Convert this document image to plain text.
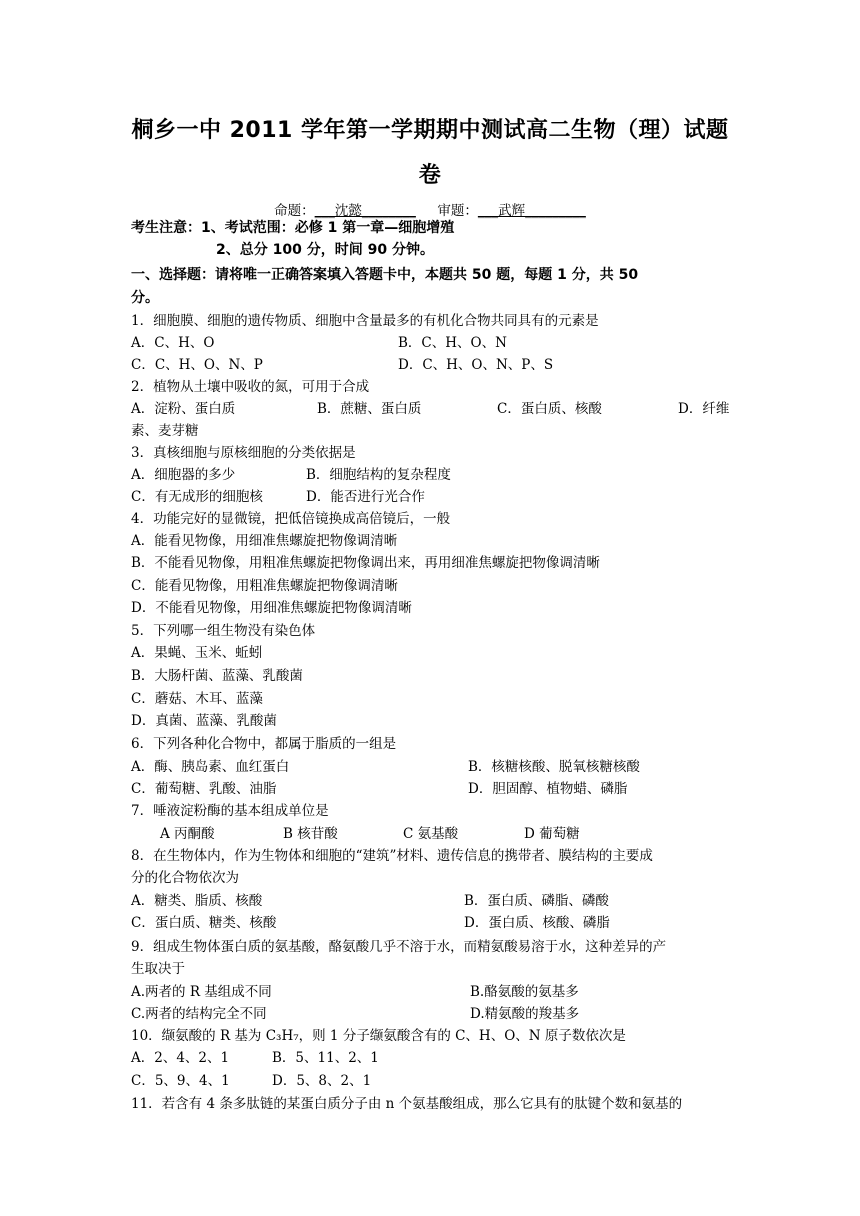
桐乡一中 2011 学年第一学期期中测试高二生物（理）试题
卷
命题：___沈懿________ 审题：___武辉_________
考生注意：1、考试范围：必修 1 第一章—细胞增殖
2、总分 100 分，时间 90 分钟。
一、选择题：请将唯一正确答案填入答题卡中，本题共 50 题，每题 1 分，共 50
分。
1．细胞膜、细胞的遗传物质、细胞中含量最多的有机化合物共同具有的元素是
A．C、H、O	B．C、H、O、N
C．C、H、O、N、P	D．C、H、O、N、P、S
2．植物从土壤中吸收的氮，可用于合成
A．淀粉、蛋白质	B．蔗糖、蛋白质	C．蛋白质、核酸	D．纤维
素、麦芽糖
3．真核细胞与原核细胞的分类依据是
A．细胞器的多少	B．细胞结构的复杂程度
C．有无成形的细胞核	D．能否进行光合作
4．功能完好的显微镜，把低倍镜换成高倍镜后，一般
A．能看见物像，用细准焦螺旋把物像调清晰
B．不能看见物像，用粗准焦螺旋把物像调出来，再用细准焦螺旋把物像调清晰
C．能看见物像，用粗准焦螺旋把物像调清晰
D．不能看见物像，用细准焦螺旋把物像调清晰
5．下列哪一组生物没有染色体
A．果蝇、玉米、蚯蚓
B．大肠杆菌、蓝藻、乳酸菌
C．蘑菇、木耳、蓝藻
D．真菌、蓝藻、乳酸菌
6．下列各种化合物中，都属于脂质的一组是
A．酶、胰岛素、血红蛋白	B．核糖核酸、脱氧核糖核酸
C．葡萄糖、乳酸、油脂	D．胆固醇、植物蜡、磷脂
7．唾液淀粉酶的基本组成单位是
A 丙酮酸	B 核苷酸	C 氨基酸	D 葡萄糖
8．在生物体内，作为生物体和细胞的“建筑”材料、遗传信息的携带者、膜结构的主要成
分的化合物依次为
A．糖类、脂质、核酸	B．蛋白质、磷脂、磷酸
C．蛋白质、糖类、核酸	D．蛋白质、核酸、磷脂
9．组成生物体蛋白质的氨基酸，酪氨酸几乎不溶于水，而精氨酸易溶于水，这种差异的产
生取决于
A.两者的 R 基组成不同	B.酪氨酸的氨基多
C.两者的结构完全不同	D.精氨酸的羧基多
10．缬氨酸的 R 基为 C₃H₇，则 1 分子缬氨酸含有的 C、H、O、N 原子数依次是
A．2、4、2、1	B．5、11、2、1
C．5、9、4、1	D．5、8、2、1
11．若含有 4 条多肽链的某蛋白质分子由 n 个氨基酸组成，那么它具有的肽键个数和氨基的
